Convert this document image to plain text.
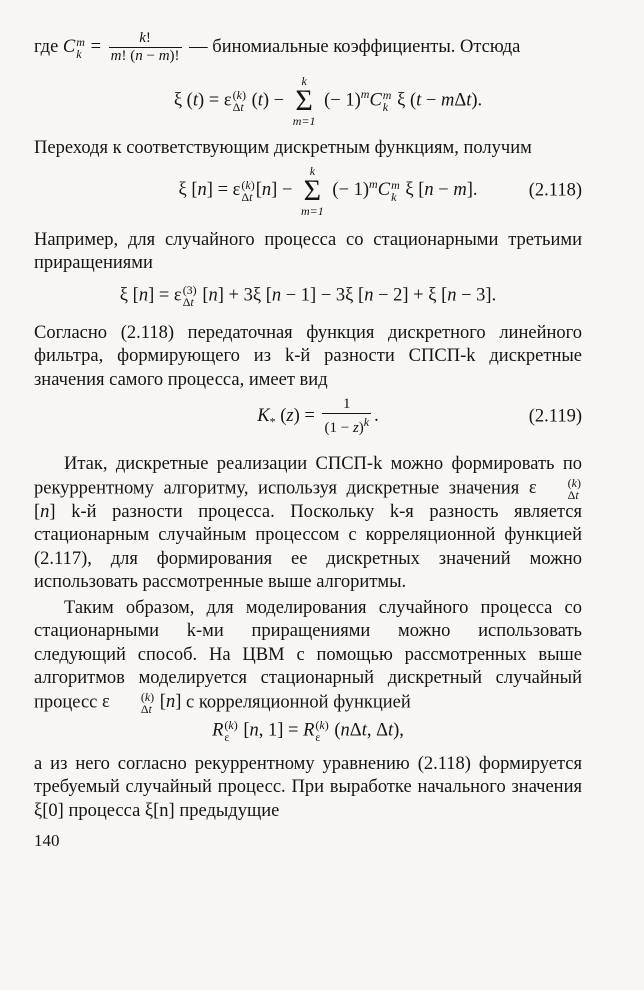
где C m
$k = \frac{k!}{m! (n - m)!}$ — биномиальные коэффициенты. Отсюда

ξ (t) = ε (k)
Δt (t) −
k
Σ
m=1
(− 1)$^m$C m
k ξ (t − mΔt).

Переходя к соответствующим дискретным функциям, получим

ξ [n] = ε (k)
Δt [n] −
k
Σ
m=1
(− 1)$^m$C m
k ξ [n − m].	(2.118)

Например, для случайного процесса со стационарными третьими приращениями

ξ [n] = ε (3)
Δt [n] + 3ξ [n − 1] − 3ξ [n − 2] + ξ [n − 3].

Согласно (2.118) передаточная функция дискретного линейного фильтра, формирующего из k-й разности СПСП-k дискретные значения самого процесса, имеет вид

$K_*$ $(z) = \frac{1}{(1 - z)^k}$ .	(2.119)

Итак, дискретные реализации СПСП-k можно формировать по рекуррентному алгоритму, используя дискретные значения ε	(k)
Δt
[n] k-й разности процесса. Поскольку k-я разность является стационарным случайным процессом с корреляционной функцией (2.117), для формирования ее дискретных значений можно использовать рассмотренные выше алгоритмы.

Таким образом, для моделирования случайного процесса со стационарными k-ми приращениями можно использовать следующий способ. На ЦВМ с помощью рассмотренных выше алгоритмов моделируется стационарный дискретный случайный процесс ε	(k)
Δt [n] с корреляционной функцией

R (k)
ε [n, 1] = R (k)
ε (nΔt, Δt),

а из него согласно рекуррентному уравнению (2.118) формируется требуемый случайный процесс. При выработке начального значения ξ[0] процесса ξ[n] предыдущие

140
